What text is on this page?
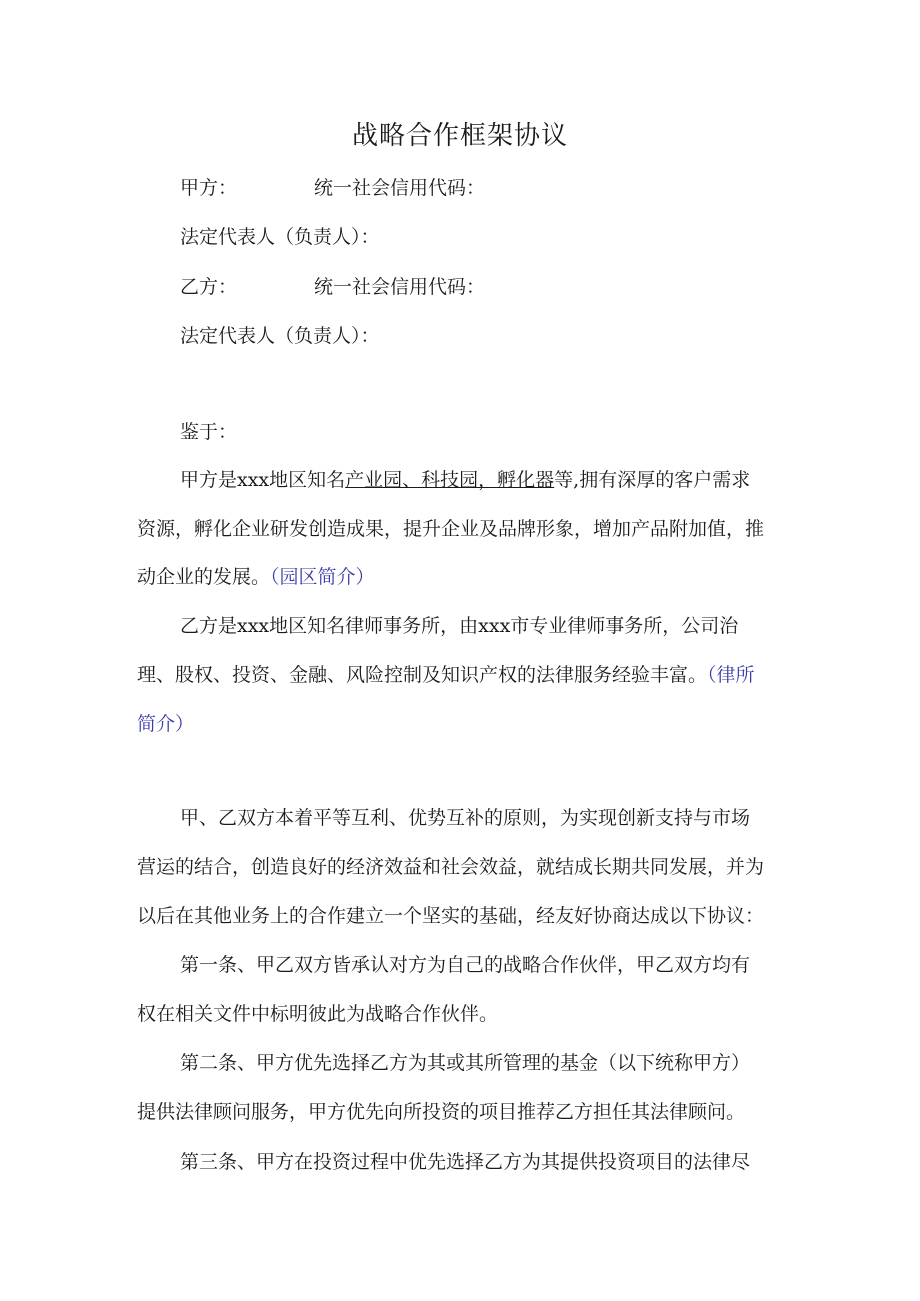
战略合作框架协议
甲方：	统一社会信用代码：
法定代表人（负责人）：
乙方：	统一社会信用代码：
法定代表人（负责人）：
鉴于：
甲方是xxx地区知名产业园、科技园，孵化器等,拥有深厚的客户需求
资源，孵化企业研发创造成果，提升企业及品牌形象，增加产品附加值，推
动企业的发展。（园区简介）
乙方是xxx地区知名律师事务所，由xxx市专业律师事务所，公司治
理、股权、投资、金融、风险控制及知识产权的法律服务经验丰富。（律所
简介）
甲、乙双方本着平等互利、优势互补的原则，为实现创新支持与市场
营运的结合，创造良好的经济效益和社会效益，就结成长期共同发展，并为
以后在其他业务上的合作建立一个坚实的基础，经友好协商达成以下协议：
第一条、甲乙双方皆承认对方为自己的战略合作伙伴，甲乙双方均有
权在相关文件中标明彼此为战略合作伙伴。
第二条、甲方优先选择乙方为其或其所管理的基金（以下统称甲方）
提供法律顾问服务，甲方优先向所投资的项目推荐乙方担任其法律顾问。
第三条、甲方在投资过程中优先选择乙方为其提供投资项目的法律尽
